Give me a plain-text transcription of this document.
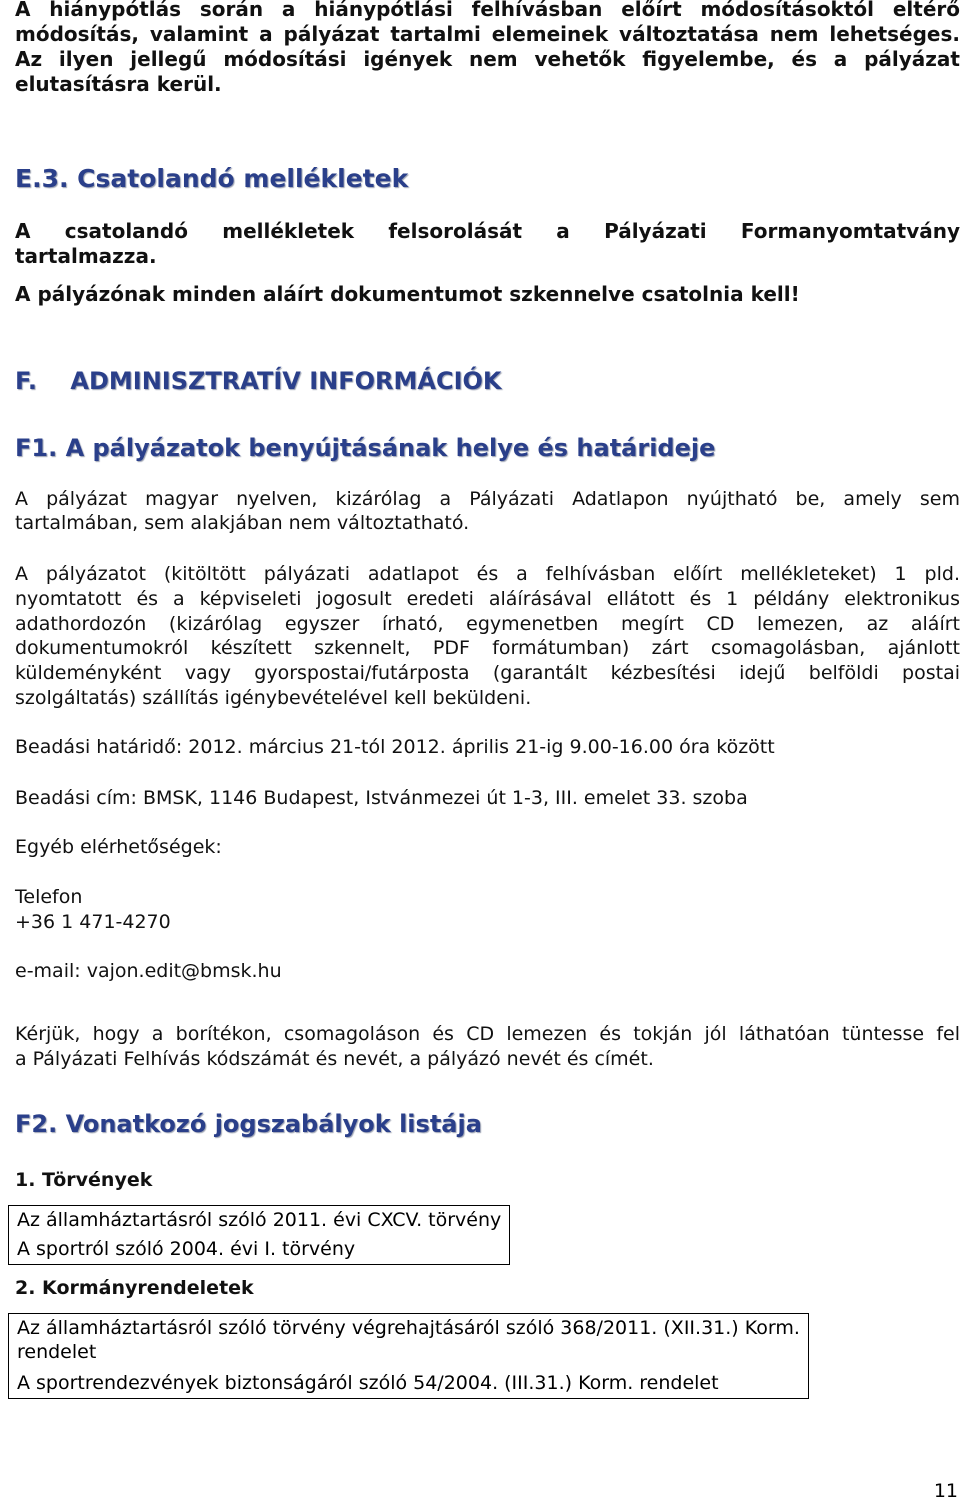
A hiánypótlás során a hiánypótlási felhívásban előírt módosításoktól eltérő
módosítás, valamint a pályázat tartalmi elemeinek változtatása nem lehetséges.
Az ilyen jellegű módosítási igények nem vehetők figyelembe, és a pályázat
elutasításra kerül.
E.3. Csatolandó mellékletek
A csatolandó mellékletek felsorolását a Pályázati Formanyomtatvány
tartalmazza.
A pályázónak minden aláírt dokumentumot szkennelve csatolnia kell!
F.    ADMINISZTRATÍV INFORMÁCIÓK
F1. A pályázatok benyújtásának helye és határideje
A pályázat magyar nyelven, kizárólag a Pályázati Adatlapon nyújtható be, amely sem
tartalmában, sem alakjában nem változtatható.
A pályázatot (kitöltött pályázati adatlapot és a felhívásban előírt mellékleteket) 1 pld.
nyomtatott és a képviseleti jogosult eredeti aláírásával ellátott és 1 példány elektronikus
adathordozón (kizárólag egyszer írható, egymenetben megírt CD lemezen, az aláírt
dokumentumokról készített szkennelt, PDF formátumban) zárt csomagolásban, ajánlott
küldeményként vagy gyorspostai/futárposta (garantált kézbesítési idejű belföldi postai
szolgáltatás) szállítás igénybevételével kell beküldeni.
Beadási határidő: 2012. március 21-tól 2012. április 21-ig 9.00-16.00 óra között
Beadási cím: BMSK, 1146 Budapest, Istvánmezei út 1-3, III. emelet 33. szoba
Egyéb elérhetőségek:
Telefon
+36 1 471-4270
e-mail: vajon.edit@bmsk.hu
Kérjük, hogy a borítékon, csomagoláson és CD lemezen és tokján jól láthatóan tüntesse fel
a Pályázati Felhívás kódszámát és nevét, a pályázó nevét és címét.
F2. Vonatkozó jogszabályok listája
1. Törvények
Az államháztartásról szóló 2011. évi CXCV. törvény
A sportról szóló 2004. évi I. törvény
2. Kormányrendeletek
Az államháztartásról szóló törvény végrehajtásáról szóló 368/2011. (XII.31.) Korm.
rendelet

A sportrendezvények biztonságáról szóló 54/2004. (III.31.) Korm. rendelet
11
